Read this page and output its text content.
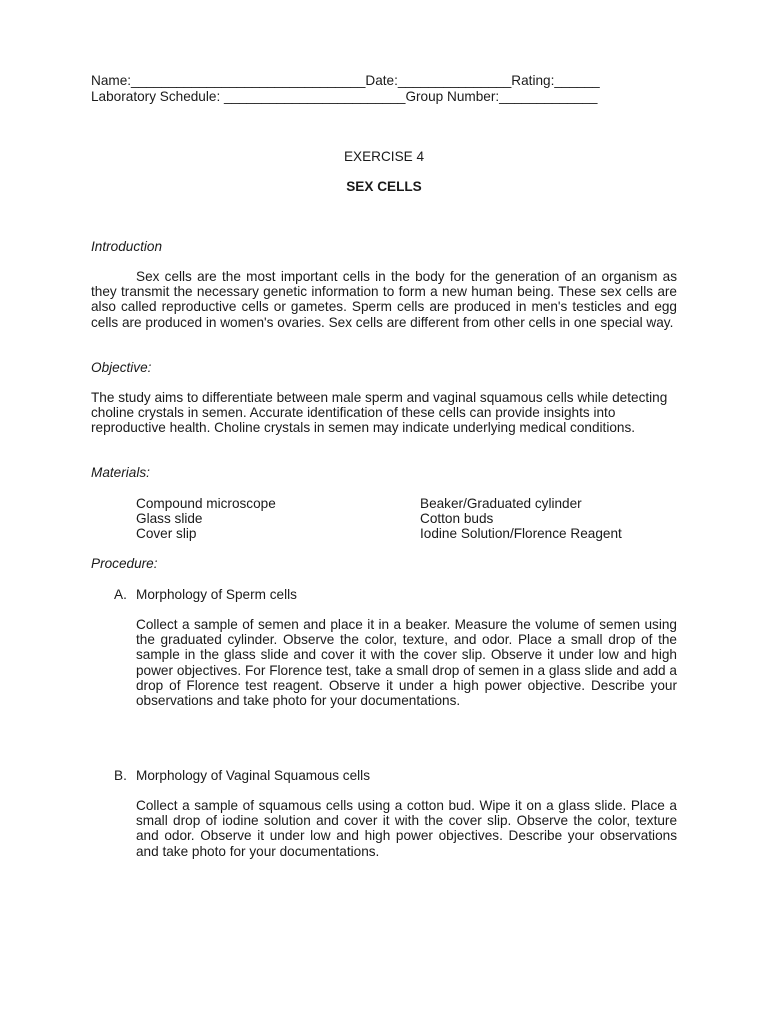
Name:_______________________________Date:_______________Rating:______
Laboratory Schedule: ________________________Group Number:_____________
EXERCISE 4
SEX CELLS
Introduction
Sex cells are the most important cells in the body for the generation of an organism as they transmit the necessary genetic information to form a new human being. These sex cells are also called reproductive cells or gametes. Sperm cells are produced in men's testicles and egg cells are produced in women's ovaries. Sex cells are different from other cells in one special way.
Objective:
The study aims to differentiate between male sperm and vaginal squamous cells while detecting choline crystals in semen. Accurate identification of these cells can provide insights into reproductive health. Choline crystals in semen may indicate underlying medical conditions.
Materials:
Compound microscope
Glass slide
Cover slip
Beaker/Graduated cylinder
Cotton buds
Iodine Solution/Florence Reagent
Procedure:
A. Morphology of Sperm cells
Collect a sample of semen and place it in a beaker. Measure the volume of semen using the graduated cylinder. Observe the color, texture, and odor. Place a small drop of the sample in the glass slide and cover it with the cover slip. Observe it under low and high power objectives. For Florence test, take a small drop of semen in a glass slide and add a drop of Florence test reagent. Observe it under a high power objective. Describe your observations and take photo for your documentations.
B. Morphology of Vaginal Squamous cells
Collect a sample of squamous cells using a cotton bud. Wipe it on a glass slide. Place a small drop of iodine solution and cover it with the cover slip. Observe the color, texture and odor. Observe it under low and high power objectives. Describe your observations and take photo for your documentations.
